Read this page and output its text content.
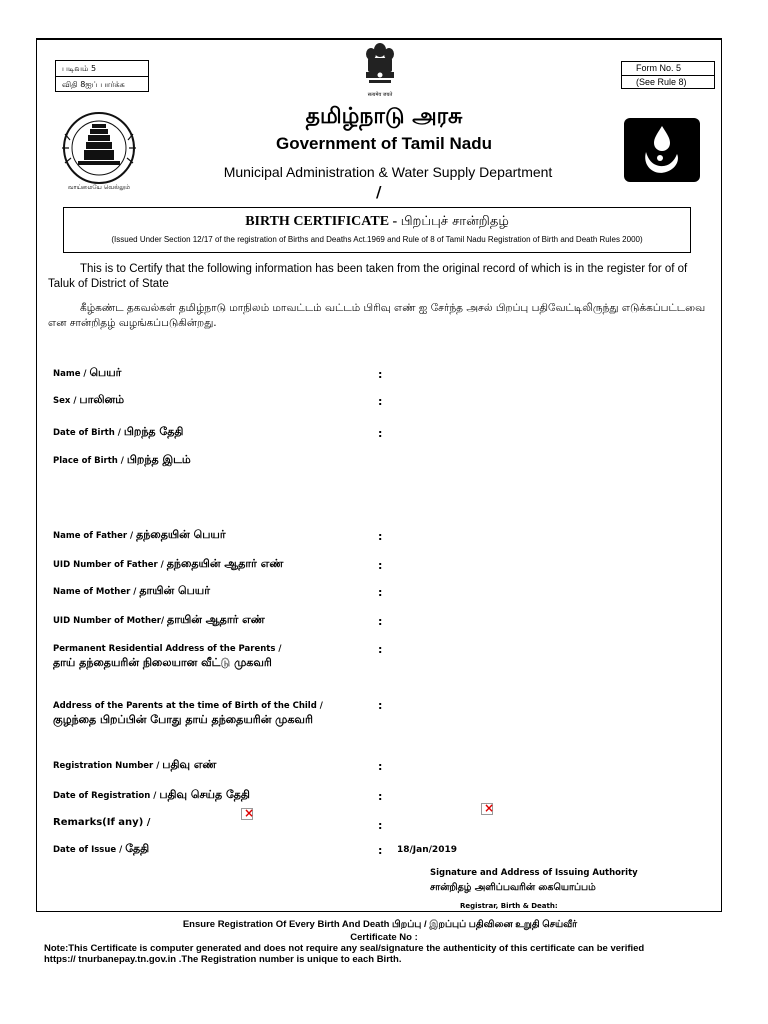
படிவம் 5
விதி 8ஐப் பார்க்க
Form No. 5
(See Rule 8)
सत्यमेव जयते
வாய்மையே வெல்லும்
தமிழ்நாடு அரசு
Government of Tamil Nadu
Municipal Administration & Water Supply Department
/
BIRTH CERTIFICATE - பிறப்புச் சான்றிதழ்
(Issued Under Section 12/17 of the registration of Births and Deaths Act.1969 and Rule of 8 of Tamil Nadu Registration of Birth and Death Rules 2000)
This is to Certify that the following information has been taken from the original record of which is in the register for of of Taluk of District of State
கீழ்கண்ட தகவல்கள் தமிழ்நாடு மாநிலம் மாவட்டம் வட்டம் பிரிவு எண் ஐ சேர்ந்த அசல் பிறப்பு பதிவேட்டிலிருந்து எடுக்கப்பட்டவை என சான்றிதழ் வழங்கப்படுகின்றது.
Name / பெயர்	:
Sex / பாலினம்	:
Date of Birth / பிறந்த தேதி	:
Place of Birth / பிறந்த இடம்
Name of Father / தந்தையின் பெயர்	:
UID Number of Father / தந்தையின் ஆதார் எண்	:
Name of Mother / தாயின் பெயர்	:
UID Number of Mother/ தாயின் ஆதார் எண்	:
Permanent Residential Address of the Parents /
தாய் தந்தையரின் நிலையான வீட்டு முகவரி
:
Address of the Parents at the time of Birth of the Child /
குழந்தை பிறப்பின் போது தாய் தந்தையரின் முகவரி
:
Registration Number / பதிவு எண்	:
Date of Registration / பதிவு செய்த தேதி	:
Remarks(If any) /	:
Date of Issue / தேதி	: 18/Jan/2019
×
×
Signature and Address of Issuing Authority
சான்றிதழ் அளிப்பவரின் கையொப்பம்
Registrar, Birth & Death:
Ensure Registration Of Every Birth And Death பிறப்பு / இறப்புப் பதிவினை உறுதி செய்வீர்
Certificate No :
Note:This Certificate is computer generated and does not require any seal/signature the authenticity of this certificate can be verified
https:// tnurbanepay.tn.gov.in .The Registration number is unique to each Birth.
